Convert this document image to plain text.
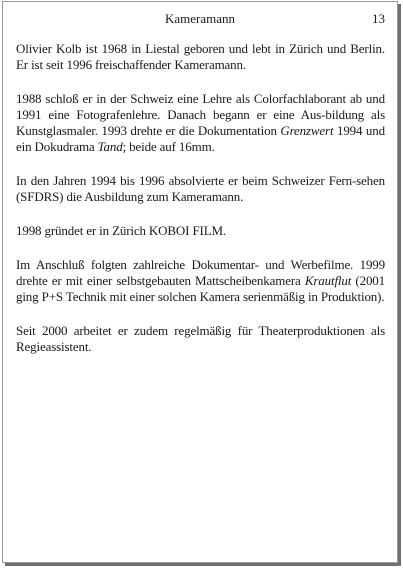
Kameramann	13

Olivier Kolb ist 1968 in Liestal geboren und lebt in Zürich und Berlin. Er ist seit 1996 freischaffender Kameramann.

1988 schloß er in der Schweiz eine Lehre als Colorfachlaborant ab und 1991 eine Fotografenlehre. Danach begann er eine Aus-bildung als Kunstglasmaler. 1993 drehte er die Dokumentation Grenzwert 1994 und ein Dokudrama Tand; beide auf 16mm.

In den Jahren 1994 bis 1996 absolvierte er beim Schweizer Fern-sehen (SFDRS) die Ausbildung zum Kameramann.

1998 gründet er in Zürich KOBOI FILM.

Im Anschluß folgten zahlreiche Dokumentar- und Werbefilme. 1999 drehte er mit einer selbstgebauten Mattscheibenkamera Krautflut (2001 ging P+S Technik mit einer solchen Kamera serienmäßig in Produktion).

Seit 2000 arbeitet er zudem regelmäßig für Theaterproduktionen als Regieassistent.
